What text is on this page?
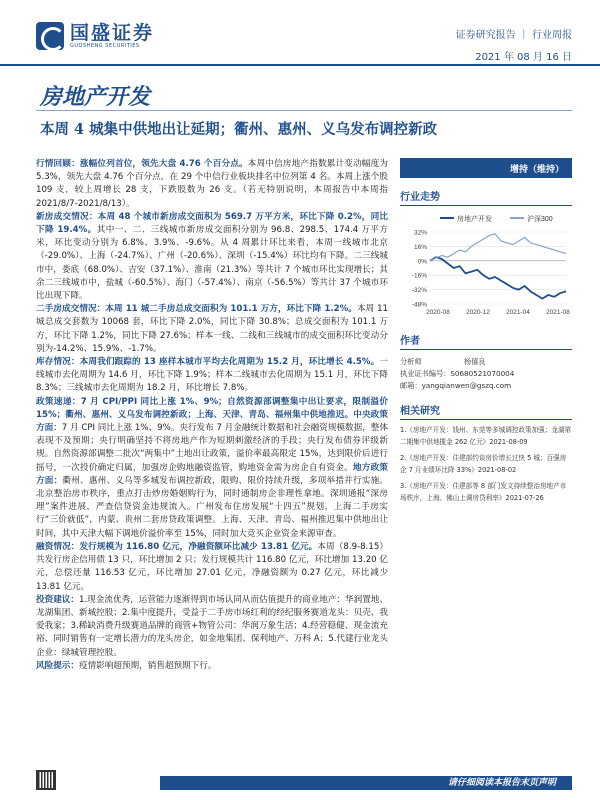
国盛证券
GUOSHENG SECURITIES
证券研究报告 ｜ 行业周报
2021 年 08 月 16 日
房地产开发
本周 4 城集中供地出让延期；衢州、惠州、义乌发布调控新政

行情回顾：涨幅位列首位，领先大盘 4.76 个百分点。本周中信房地产指数累计变动幅度为 5.3%，领先大盘 4.76 个百分点，在 29 个中信行业板块排名中位列第 4 名。本周上涨个股 109 支，较上周增长 28 支，下跌股数为 26 支。（若无特别说明，本周报告中本周指 2021/8/7-2021/8/13）。

新房成交情况：本周 48 个城市新房成交面积为 569.7 万平方米，环比下降 0.2%，同比下降 19.4%。其中一、二、三线城市新房成交面积分别为 96.8、298.5、174.4 万平方米，环比变动分别为 6.8%、3.9%、-9.6%。从 4 周累计环比来看，本周一线城市北京（-29.0%）、上海（-24.7%）、广州（-20.6%）、深圳（-15.4%）环比均有下降。二三线城市中，娄底（68.0%）、吉安（37.1%）、淮南（21.3%）等共计 7 个城市环比实现增长；其余二三线城市中，盐城（-60.5%）、海门（-57.4%）、南京（-56.5%）等共计 37 个城市环比出现下降。

二手房成交情况：本周 11 城二手房总成交面积为 101.1 万方，环比下降 1.2%。本周 11 城总成交套数为 10068 套，环比下降 2.0%，同比下降 30.8%；总成交面积为 101.1 万方，环比下降 1.2%，同比下降 27.6%；样本一线、二线和三线城市的成交面积环比变动分别为-14.2%、15.9%、-1.7%。

库存情况：本周我们跟踪的 13 座样本城市平均去化周期为 15.2 月，环比增长 4.5%。一线城市去化周期为 14.6 月，环比下降 1.9%；样本二线城市去化周期为 15.1 月，环比下降 8.3%；三线城市去化周期为 18.2 月，环比增长 7.8%。

政策速递：7 月 CPI/PPI 同比上涨 1%、9%；自然资源部调整集中出让要求，限制溢价 15%；衢州、惠州、义乌发布调控新政；上海、天津、青岛、福州集中供地推迟。中央政策方面：7 月 CPI 同比上涨 1%、9%。央行发布 7 月金融统计数据和社会融资规模数据，整体表现不及预期；央行明确坚持不将房地产作为短期刺激经济的手段；央行发布债券评级新规。自然资源部调整二批次“两集中”土地出让政策，溢价率最高限定 15%，达到限价后进行摇号，一次投价确定归属，加强房企购地融资监管，购地资金需为房企自有资金。地方政策方面：衢州、惠州、义乌等多城发布调控新政，限购、限价持续升级，多项举措并行实施。北京整治房市秩序，重点打击炒房婚姻购行为，同时通制房企非理性拿地。深圳通报“深房理”案件进展，严查信贷资金违规流入。广州发布住房发展“十四五”规划，上海二手房实行“三价就低”，内蒙、贵州二套房贷政策调整。上海、天津、青岛、福州推迟集中供地出让时间，其中天津大幅下调地价溢价率至 15%，同时加大竞买企业资金来源审查。

融资情况：发行规模为 116.80 亿元，净融资额环比减少 13.81 亿元。本周（8.9-8.15）共发行房企信用债 13 只，环比增加 2 只；发行规模共计 116.80 亿元，环比增加 13.20 亿元，总偿还量 116.53 亿元，环比增加 27.01 亿元，净融资额为 0.27 亿元，环比减少 13.81 亿元。

投资建议：1.现金流优秀，运营能力逐渐得到市场认同从而估值提升的商业地产：华润置地、龙湖集团、新城控股；2.集中度提升，受益于二手房市场红利的经纪服务赛道龙头：贝壳、我爱我家；3.稀缺消费升级赛道品牌的商管+物管公司：华润万象生活；4.经营稳健、现金流充裕、同时销售有一定增长潜力的龙头房企，如金地集团、保利地产、万科 A；5.代建行业龙头企业：绿城管理控股。

风险提示：疫情影响超预期，销售超预期下行。

增持（维持）
行业走势
房地产开发	沪深300
32%
16%
0%
-16%
-32%
-48%
2020-08 2020-12 2021-04 2021-08
作者
分析师	杨僖良
执业证书编号：S0680521070004
邮箱：yangqianwen@gszq.com
相关研究
1.《房地产开发：钱州、东莞等多城调控政策加强；龙湖第二期集中供地揽金 262 亿元》2021-08-09
2.《房地产开发：住建部约谈房价增长过快 5 城；百强房企 7 月业绩环比降 33%》2021-08-02
3.《房地产开发：住建部等 8 部门发文持续整治房地产市场秩序，上海、佛山上调房贷利率》2021-07-26
请仔细阅读本报告末页声明
